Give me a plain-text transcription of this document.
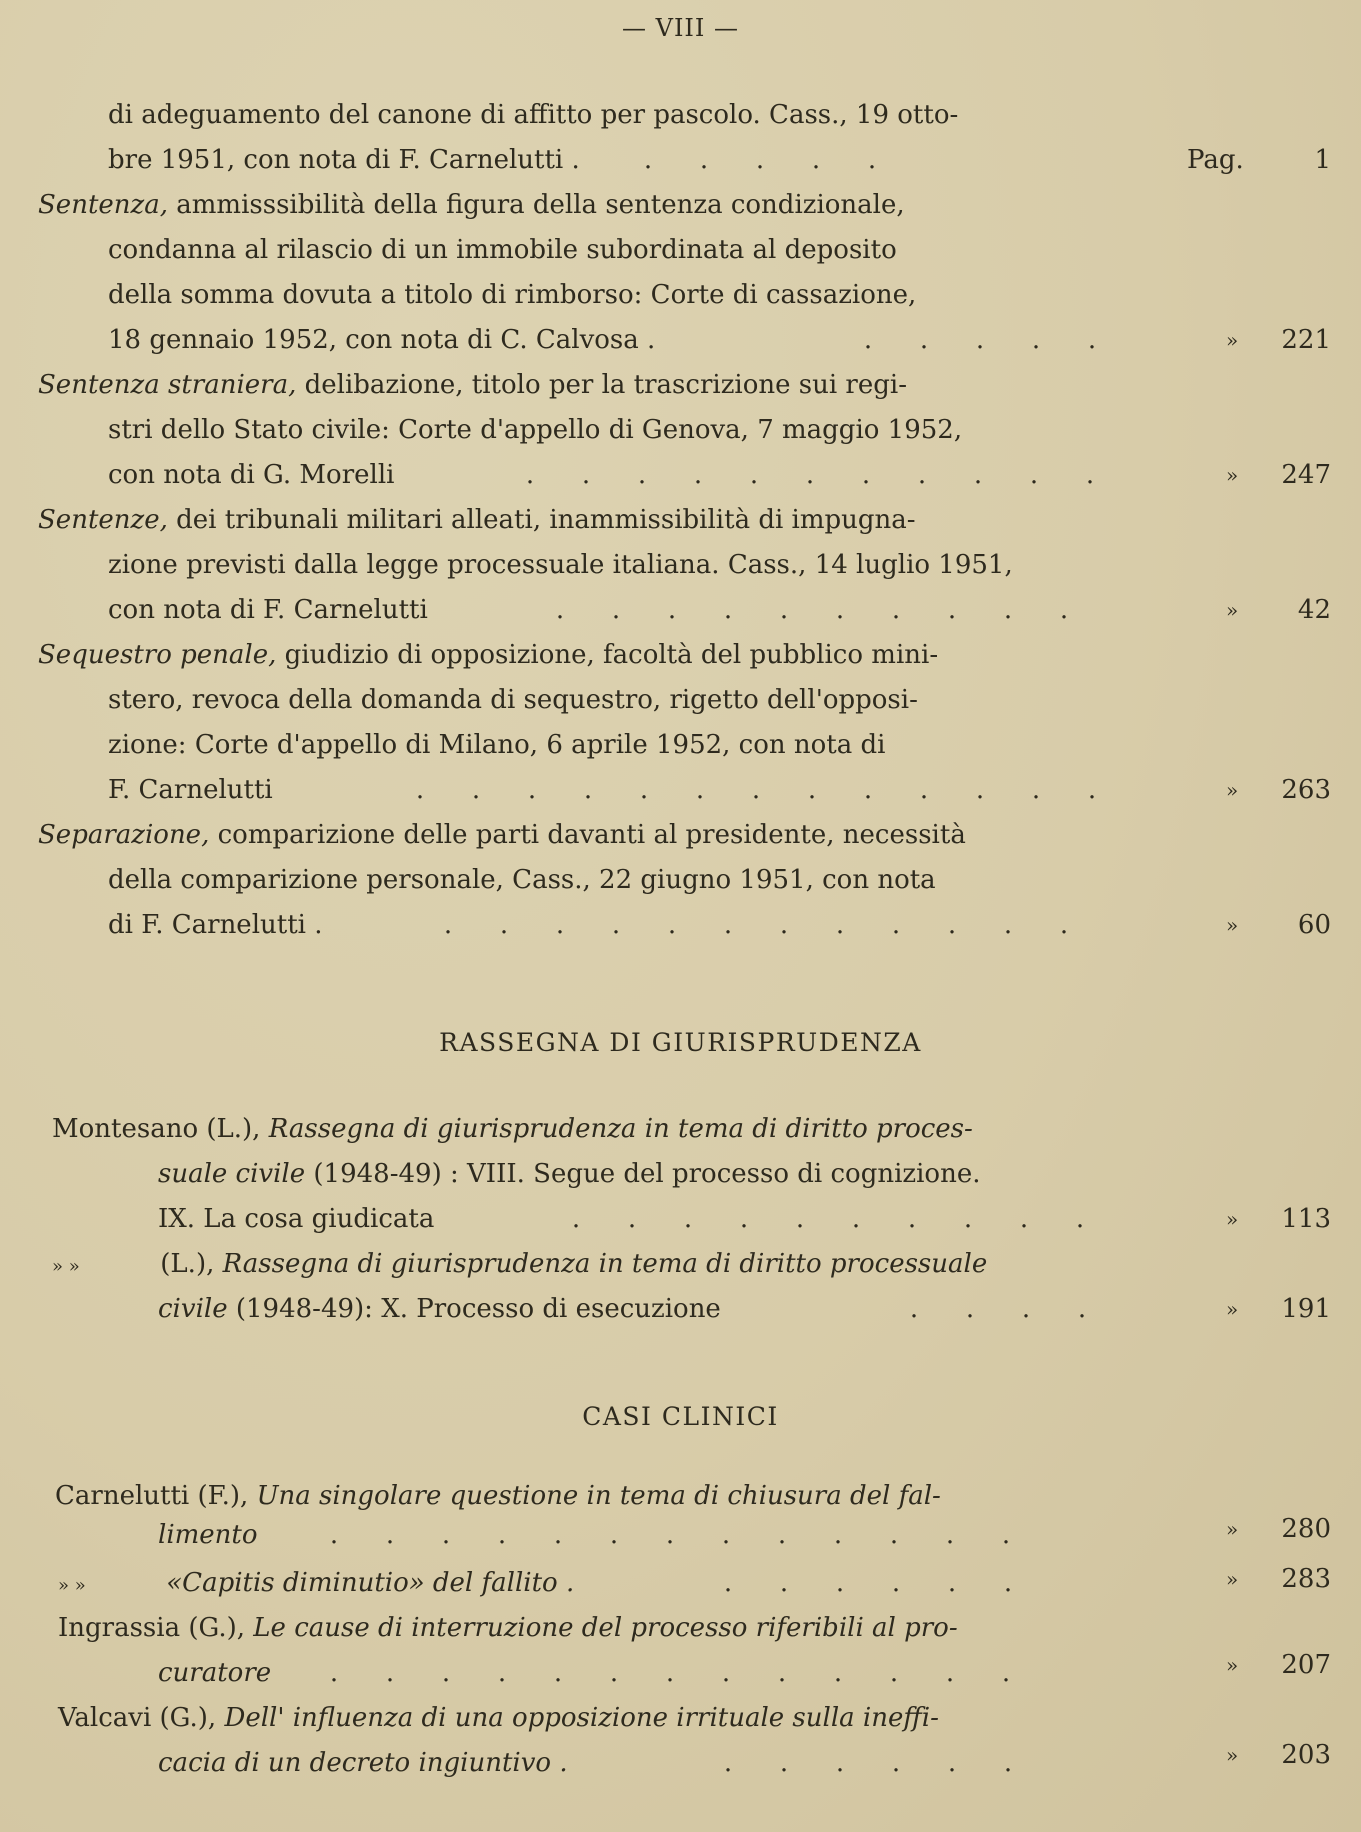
— VIII —
di adeguamento del canone di affitto per pascolo. Cass., 19 otto-
bre 1951, con nota di F. Carnelutti .	. . . . .	Pag.	1
Sentenza, ammisssibilità della figura della sentenza condizionale,
condanna al rilascio di un immobile subordinata al deposito
della somma dovuta a titolo di rimborso: Corte di cassazione,
18 gennaio 1952, con nota di C. Calvosa .	. . . . .	» 221
Sentenza straniera, delibazione, titolo per la trascrizione sui regi-
stri dello Stato civile: Corte d'appello di Genova, 7 maggio 1952,
con nota di G. Morelli	. . . . . . . . . . .	» 247
Sentenze, dei tribunali militari alleati, inammissibilità di impugna-
zione previsti dalla legge processuale italiana. Cass., 14 luglio 1951,
con nota di F. Carnelutti	. . . . . . . . . .	» 42
Sequestro penale, giudizio di opposizione, facoltà del pubblico mini-
stero, revoca della domanda di sequestro, rigetto dell'opposi-
zione: Corte d'appello di Milano, 6 aprile 1952, con nota di
F. Carnelutti	. . . . . . . . . . . . .	» 263
Separazione, comparizione delle parti davanti al presidente, necessità
della comparizione personale, Cass., 22 giugno 1951, con nota
di F. Carnelutti .	. . . . . . . . . . . .	» 60
RASSEGNA DI GIURISPRUDENZA
Montesano (L.), Rassegna di giurisprudenza in tema di diritto proces-
suale civile (1948-49) : VIII. Segue del processo di cognizione.
IX. La cosa giudicata	. . . . . . . . . .	» 113
» »	(L.), Rassegna di giurisprudenza in tema di diritto processuale
civile (1948-49): X. Processo di esecuzione	. . . .	» 191
CASI CLINICI
Carnelutti (F.), Una singolare questione in tema di chiusura del fal-
limento	. . . . . . . . . . . . .	» 280
» »	«Capitis diminutio» del fallito .	. . . . . .	» 283
Ingrassia (G.), Le cause di interruzione del processo riferibili al pro-
curatore	. . . . . . . . . . . . .	» 207
Valcavi (G.), Dell' influenza di una opposizione irrituale sulla ineffi-
cacia di un decreto ingiuntivo .	. . . . . .	» 203
